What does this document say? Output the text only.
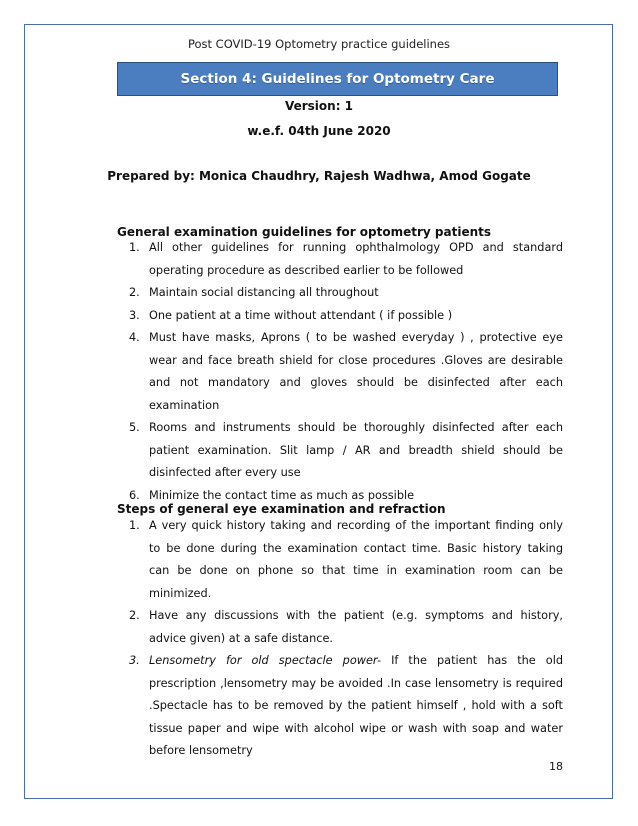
Post COVID-19 Optometry practice guidelines
Section 4: Guidelines for Optometry Care
Version: 1
w.e.f. 04th June 2020
Prepared by: Monica Chaudhry, Rajesh Wadhwa, Amod Gogate
General examination guidelines for optometry patients
1. All other guidelines for running ophthalmology OPD and standard operating procedure as described earlier to be followed
2. Maintain social distancing all throughout
3. One patient at a time without attendant ( if possible )
4. Must have masks, Aprons ( to be washed everyday ) , protective eye wear and face breath shield for close procedures .Gloves are desirable and not mandatory and gloves should be disinfected after each examination
5. Rooms and instruments should be thoroughly disinfected after each patient examination. Slit lamp / AR and breadth shield should be disinfected after every use
6. Minimize the contact time as much as possible
Steps of general eye examination and refraction
1. A very quick history taking and recording of the important finding only to be done during the examination contact time. Basic history taking can be done on phone so that time in examination room can be minimized.
2. Have any discussions with the patient (e.g. symptoms and history, advice given) at a safe distance.
3. Lensometry for old spectacle power- If the patient has the old prescription ,lensometry may be avoided .In case lensometry is required .Spectacle has to be removed by the patient himself , hold with a soft tissue paper and wipe with alcohol wipe or wash with soap and water before lensometry
18
